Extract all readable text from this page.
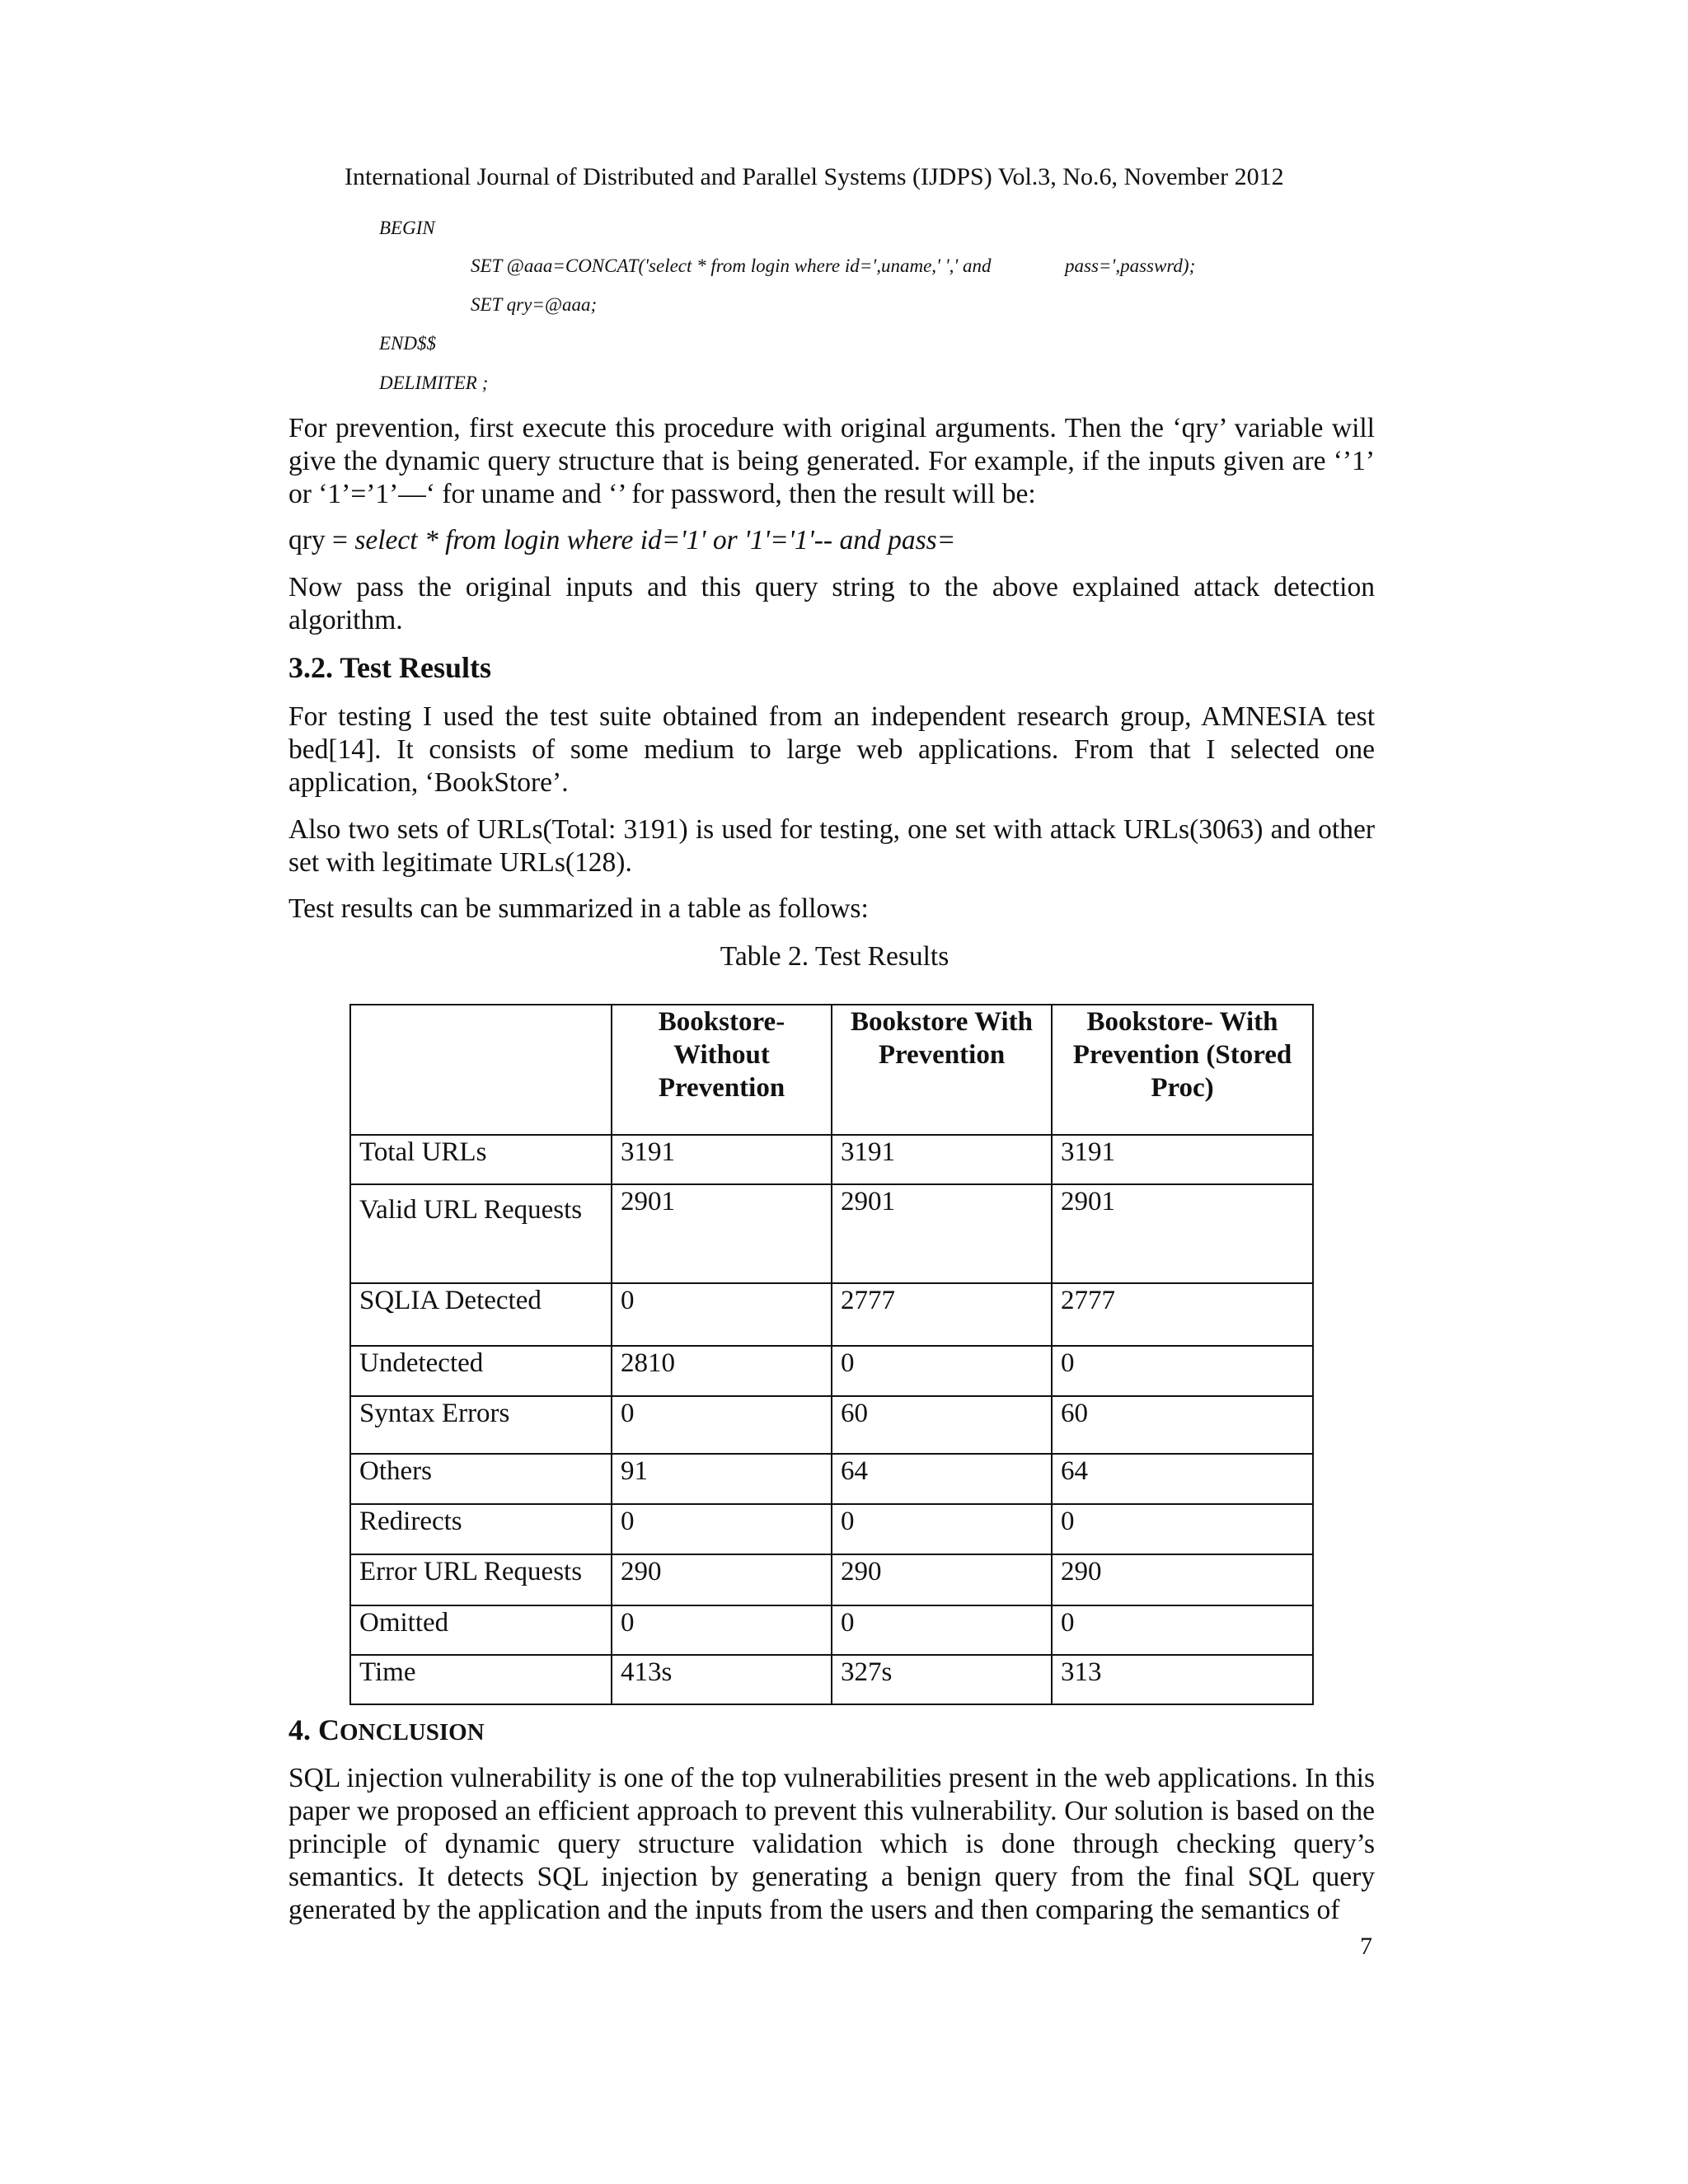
International Journal of Distributed and Parallel Systems (IJDPS) Vol.3, No.6, November 2012
BEGIN
SET @aaa=CONCAT('select * from login where id=',uname,' ',' and	pass=',passwrd);
SET qry=@aaa;
END$$
DELIMITER ;
For prevention, first execute this procedure with original arguments. Then the ‘qry’ variable will give the dynamic query structure that is being generated. For example, if the inputs given are ‘’1’ or ‘1’=’1’—‘ for uname and ‘’ for password, then the result will be:
qry = select * from login where id='1' or '1'='1'-- and pass=
Now pass the original inputs and this query string to the above explained attack detection algorithm.
3.2. Test Results
For testing I used the test suite obtained from an independent research group, AMNESIA test bed[14]. It consists of some medium to large web applications. From that I selected one application, ‘BookStore’.
Also two sets of URLs(Total: 3191) is used for testing, one set with attack URLs(3063) and other set with legitimate URLs(128).
Test results can be summarized in a table as follows:
Table 2. Test Results
	Bookstore- Without Prevention	Bookstore With Prevention	Bookstore- With Prevention (Stored Proc)
Total URLs	3191	3191	3191
Valid URL Requests	2901	2901	2901
SQLIA Detected	0	2777	2777
Undetected	2810	0	0
Syntax Errors	0	60	60
Others	91	64	64
Redirects	0	0	0
Error URL Requests	290	290	290
Omitted	0	0	0
Time	413s	327s	313
4. CONCLUSION
SQL injection vulnerability is one of the top vulnerabilities present in the web applications. In this paper we proposed an efficient approach to prevent this vulnerability. Our solution is based on the principle of dynamic query structure validation which is done through checking query’s semantics. It detects SQL injection by generating a benign query from the final SQL query generated by the application and the inputs from the users and then comparing the semantics of
7
